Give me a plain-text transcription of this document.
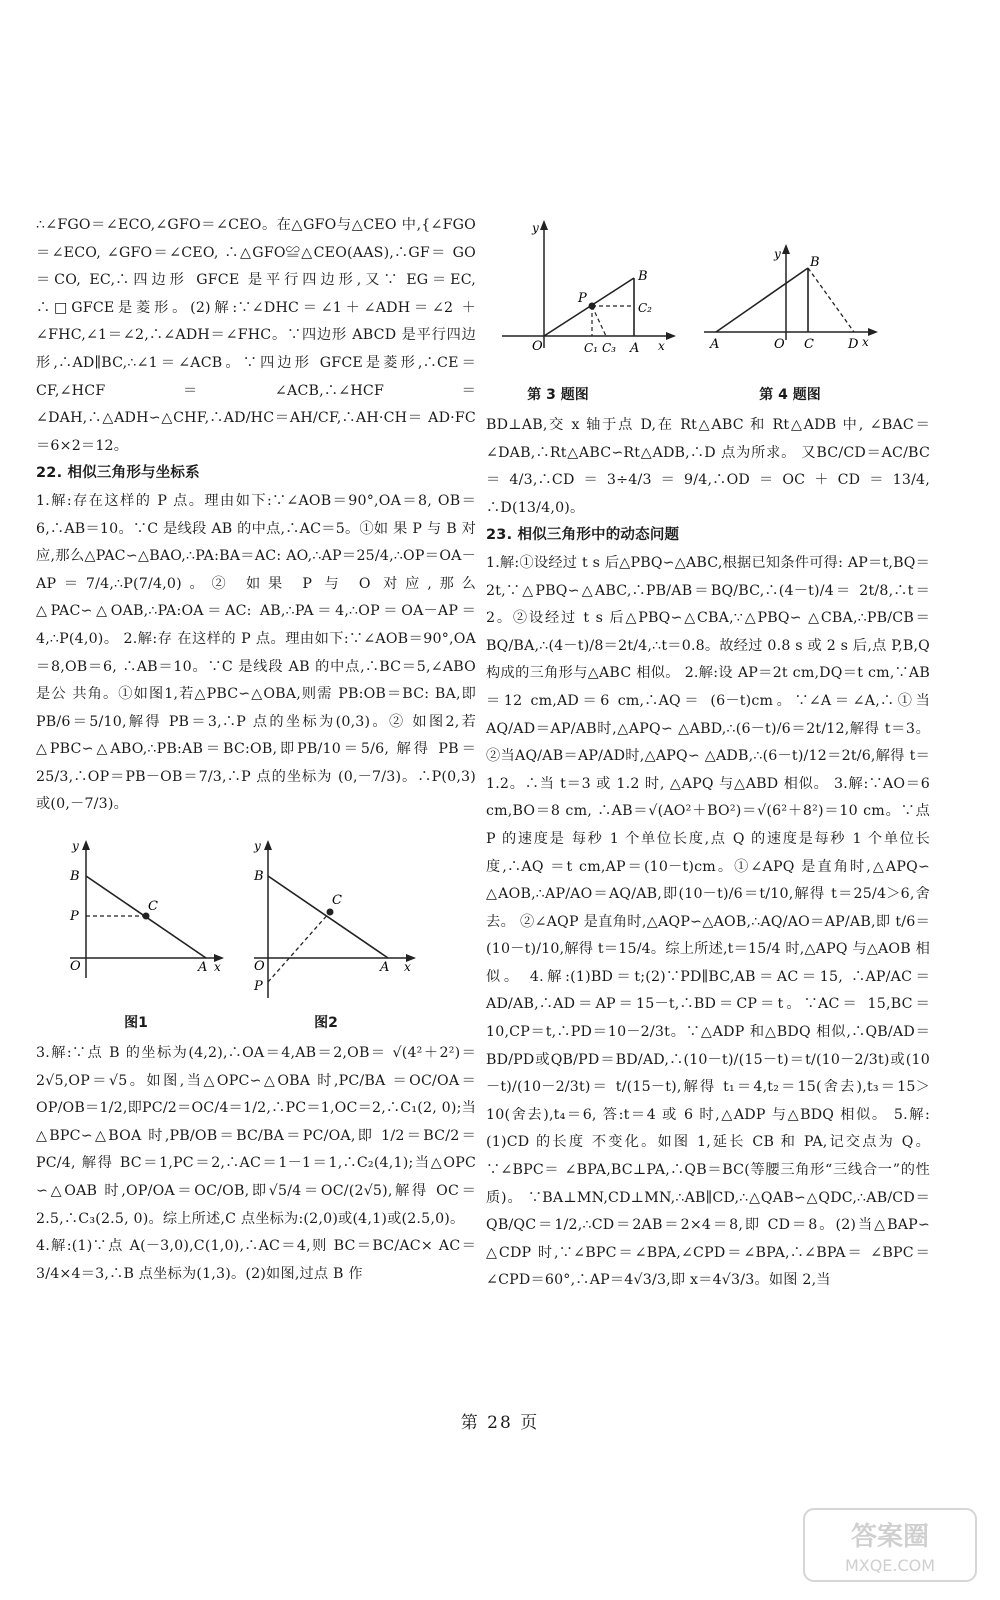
∴∠FGO＝∠ECO,∠GFO＝∠CEO。在△GFO与△CEO 中,{∠FGO＝∠ECO, ∠GFO＝∠CEO, ∴△GFO≌△CEO(AAS),∴GF＝ GO＝CO, EC,∴四边形 GFCE 是平行四边形,又∵ EG＝EC, ∴□GFCE是菱形。(2)解:∵∠DHC＝∠1＋∠ADH＝∠2 ＋∠FHC,∠1＝∠2,∴∠ADH＝∠FHC。∵四边形 ABCD 是平行四边形,∴AD∥BC,∴∠1＝∠ACB。∵四边形 GFCE是菱形,∴CE＝CF,∠HCF＝∠ACB,∴∠HCF＝ ∠DAH,∴△ADH∽△CHF,∴AD/HC＝AH/CF,∴AH·CH＝ AD·FC＝6×2＝12。

22. 相似三角形与坐标系

1.解:存在这样的 P 点。理由如下:∵∠AOB＝90°,OA＝8, OB＝6,∴AB＝10。∵C 是线段 AB 的中点,∴AC＝5。①如 果 P 与 B 对应,那么△PAC∽△BAO,∴PA:BA＝AC: AO,∴AP＝25/4,∴OP＝OA－AP＝7/4,∴P(7/4,0)。② 如果 P 与 O 对应,那么△PAC∽△OAB,∴PA:OA＝AC: AB,∴PA＝4,∴OP＝OA－AP＝4,∴P(4,0)。 2.解:存 在这样的 P 点。理由如下:∵∠AOB＝90°,OA＝8,OB＝6, ∴AB＝10。∵C 是线段 AB 的中点,∴BC＝5,∠ABO 是公 共角。①如图1,若△PBC∽△OBA,则需 PB:OB＝BC: BA,即PB/6＝5/10,解得 PB＝3,∴P 点的坐标为(0,3)。② 如图2,若△PBC∽△ABO,∴PB:AB＝BC:OB,即PB/10＝5/6, 解得 PB＝25/3,∴OP＝PB－OB＝7/3,∴P 点的坐标为 (0,－7/3)。∴P(0,3)或(0,－7/3)。

y
B
P
C
O	A x
图1
y
B
C
O
P
A x
图2

3.解:∵点 B 的坐标为(4,2),∴OA＝4,AB＝2,OB＝ √(4²＋2²)＝2√5,OP＝√5。如图,当△OPC∽△OBA 时,PC/BA ＝OC/OA＝OP/OB＝1/2,即PC/2＝OC/4＝1/2,∴PC＝1,OC＝2,∴C₁(2, 0);当△BPC∽△BOA 时,PB/OB＝BC/BA＝PC/OA,即 1/2＝BC/2＝PC/4, 解得 BC＝1,PC＝2,∴AC＝1－1＝1,∴C₂(4,1);当△OPC ∽△OAB 时,OP/OA＝OC/OB,即√5/4＝OC/(2√5),解得 OC＝2.5,∴C₃(2.5, 0)。综上所述,C 点坐标为:(2,0)或(4,1)或(2.5,0)。

4.解:(1)∵点 A(－3,0),C(1,0),∴AC＝4,则 BC＝BC/AC× AC＝3/4×4＝3,∴B 点坐标为(1,3)。(2)如图,过点 B 作

y
B
P
C₂
O	C₁ C₃ A x
第 3 题图
y
B
A	O C	D x
第 4 题图

BD⊥AB,交 x 轴于点 D,在 Rt△ABC 和 Rt△ADB 中, ∠BAC＝∠DAB,∴Rt△ABC∽Rt△ADB,∴D 点为所求。 又BC/CD＝AC/BC＝4/3,∴CD＝3÷4/3＝9/4,∴OD＝OC＋CD＝13/4, ∴D(13/4,0)。

23. 相似三角形中的动态问题

1.解:①设经过 t s 后△PBQ∽△ABC,根据已知条件可得: AP＝t,BQ＝2t,∵△PBQ∽△ABC,∴PB/AB＝BQ/BC,∴(4－t)/4＝ 2t/8,∴t＝2。②设经过 t s 后△PBQ∽△CBA,∵△PBQ∽ △CBA,∴PB/CB＝BQ/BA,∴(4－t)/8＝2t/4,∴t＝0.8。故经过 0.8 s 或 2 s 后,点 P,B,Q 构成的三角形与△ABC 相似。 2.解:设 AP＝2t cm,DQ＝t cm,∵AB＝12 cm,AD＝6 cm,∴AQ＝ (6－t)cm。∵∠A＝∠A,∴①当AQ/AD＝AP/AB时,△APQ∽ △ABD,∴(6－t)/6＝2t/12,解得 t＝3。②当AQ/AB＝AP/AD时,△APQ∽ △ADB,∴(6－t)/12＝2t/6,解得 t＝1.2。∴当 t＝3 或 1.2 时, △APQ 与△ABD 相似。 3.解:∵AO＝6 cm,BO＝8 cm, ∴AB＝√(AO²＋BO²)＝√(6²＋8²)＝10 cm。∵点 P 的速度是 每秒 1 个单位长度,点 Q 的速度是每秒 1 个单位长度,∴AQ ＝t cm,AP＝(10－t)cm。①∠APQ 是直角时,△APQ∽ △AOB,∴AP/AO＝AQ/AB,即(10－t)/6＝t/10,解得 t＝25/4＞6,舍去。 ②∠AQP 是直角时,△AQP∽△AOB,∴AQ/AO＝AP/AB,即 t/6＝ (10－t)/10,解得 t＝15/4。综上所述,t＝15/4 时,△APQ 与△AOB 相似。 4.解:(1)BD＝t;(2)∵PD∥BC,AB＝AC＝15, ∴AP/AC＝AD/AB,∴AD＝AP＝15－t,∴BD＝CP＝t。∵AC＝ 15,BC＝10,CP＝t,∴PD＝10－2/3t。∵△ADP 和△BDQ 相似,∴QB/AD＝BD/PD或QB/PD＝BD/AD,∴(10－t)/(15－t)＝t/(10－2/3t)或(10－t)/(10－2/3t)＝ t/(15－t),解得 t₁＝4,t₂＝15(舍去),t₃＝15＞10(舍去),t₄＝6, 答:t＝4 或 6 时,△ADP 与△BDQ 相似。 5.解:(1)CD 的长度 不变化。如图 1,延长 CB 和 PA,记交点为 Q。∵∠BPC＝ ∠BPA,BC⊥PA,∴QB＝BC(等腰三角形“三线合一”的性质)。 ∵BA⊥MN,CD⊥MN,∴AB∥CD,∴△QAB∽△QDC,∴AB/CD＝ QB/QC＝1/2,∴CD＝2AB＝2×4＝8,即 CD＝8。(2)当△BAP∽ △CDP 时,∵∠BPC＝∠BPA,∠CPD＝∠BPA,∴∠BPA＝ ∠BPC＝∠CPD＝60°,∴AP＝4√3/3,即 x＝4√3/3。如图 2,当

第 28 页
答案圈
MXQE.COM
